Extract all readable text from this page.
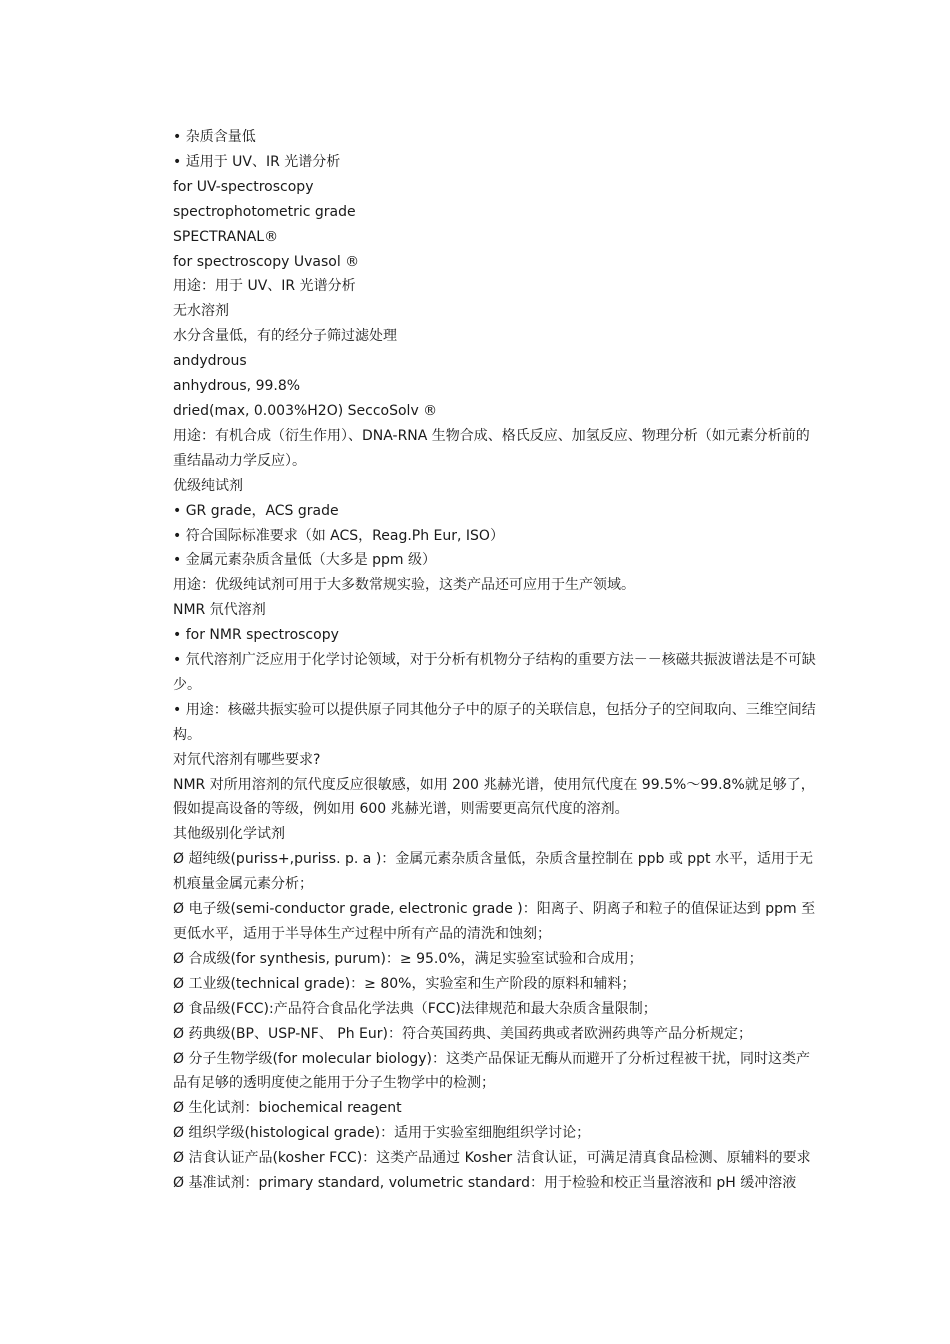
• 杂质含量低
• 适用于 UV、IR 光谱分析
for UV-spectroscopy
spectrophotometric grade
SPECTRANAL®
for spectroscopy Uvasol ®
用途：用于 UV、IR 光谱分析
无水溶剂
水分含量低，有的经分子筛过滤处理
andydrous
anhydrous, 99.8%
dried(max, 0.003%H2O) SeccoSolv ®
用途：有机合成（衍生作用）、DNA-RNA 生物合成、格氏反应、加氢反应、物理分析（如元素分析前的重结晶动力学反应）。
优级纯试剂
• GR grade，ACS grade
• 符合国际标准要求（如 ACS，Reag.Ph Eur, ISO）
• 金属元素杂质含量低（大多是 ppm 级）
用途：优级纯试剂可用于大多数常规实验，这类产品还可应用于生产领域。
NMR 氘代溶剂
• for NMR spectroscopy
• 氘代溶剂广泛应用于化学讨论领域，对于分析有机物分子结构的重要方法－－核磁共振波谱法是不可缺少。
• 用途：核磁共振实验可以提供原子同其他分子中的原子的关联信息，包括分子的空间取向、三维空间结构。
对氘代溶剂有哪些要求?
NMR 对所用溶剂的氘代度反应很敏感，如用 200 兆赫光谱，使用氘代度在 99.5%～99.8%就足够了，假如提高设备的等级，例如用 600 兆赫光谱，则需要更高氘代度的溶剂。
其他级别化学试剂
Ø 超纯级(puriss+,puriss. p. a )：金属元素杂质含量低，杂质含量控制在 ppb 或 ppt 水平，适用于无机痕量金属元素分析；
Ø 电子级(semi-conductor grade, electronic grade )：阳离子、阴离子和粒子的值保证达到 ppm 至更低水平，适用于半导体生产过程中所有产品的清洗和蚀刻；
Ø 合成级(for synthesis, purum)：≥ 95.0%，满足实验室试验和合成用；
Ø 工业级(technical grade)：≥ 80%，实验室和生产阶段的原料和辅料；
Ø 食品级(FCC):产品符合食品化学法典（FCC)法律规范和最大杂质含量限制；
Ø 药典级(BP、USP-NF、 Ph Eur)：符合英国药典、美国药典或者欧洲药典等产品分析规定；
Ø 分子生物学级(for molecular biology)：这类产品保证无酶从而避开了分析过程被干扰，同时这类产品有足够的透明度使之能用于分子生物学中的检测；
Ø 生化试剂：biochemical reagent
Ø 组织学级(histological grade)：适用于实验室细胞组织学讨论；
Ø 洁食认证产品(kosher FCC)：这类产品通过 Kosher 洁食认证，可满足清真食品检测、原辅料的要求
Ø 基准试剂：primary standard, volumetric standard：用于检验和校正当量溶液和 pH 缓冲溶液
